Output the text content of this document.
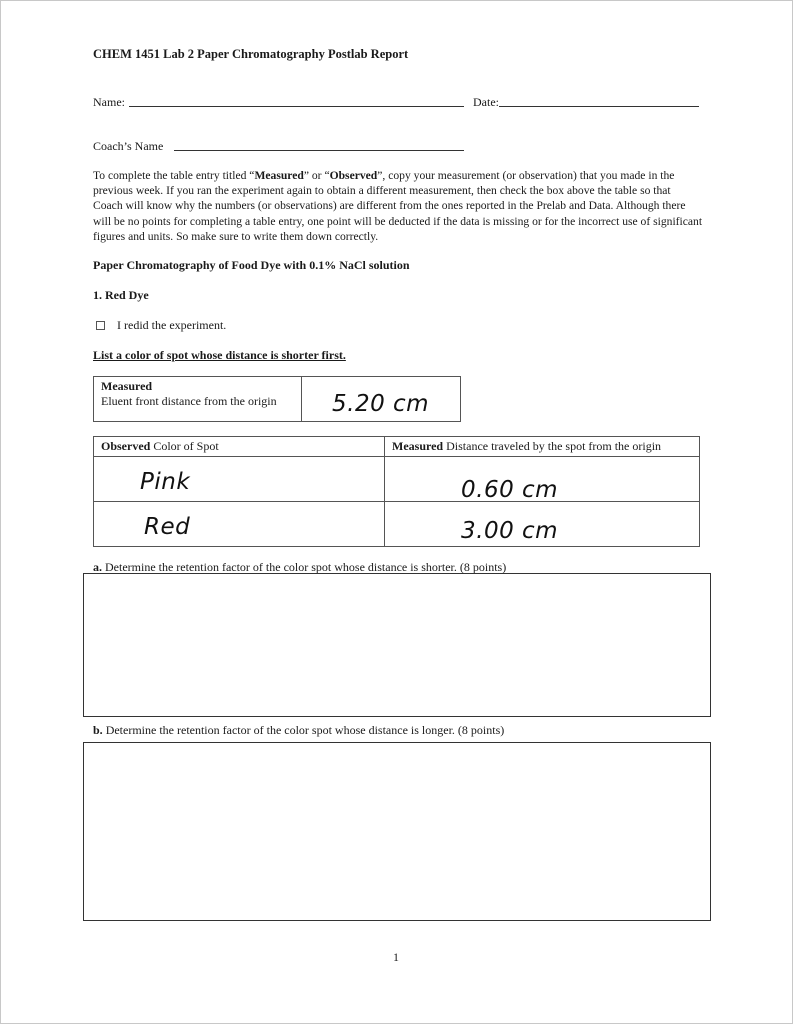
CHEM 1451 Lab 2 Paper Chromatography Postlab Report
Name:	Date:
Coach’s Name
To complete the table entry titled “Measured” or “Observed”, copy your measurement (or observation) that you made in the previous week. If you ran the experiment again to obtain a different measurement, then check the box above the table so that Coach will know why the numbers (or observations) are different from the ones reported in the Prelab and Data. Although there will be no points for completing a table entry, one point will be deducted if the data is missing or for the incorrect use of significant figures and units. So make sure to write them down correctly.
Paper Chromatography of Food Dye with 0.1% NaCl solution
1. Red Dye
I redid the experiment.
List a color of spot whose distance is shorter first.
Measured
Eluent front distance from the origin	5.20 cm
Observed Color of Spot	Measured Distance traveled by the spot from the origin

Pink	0.60 cm

Red	3.00 cm
a. Determine the retention factor of the color spot whose distance is shorter. (8 points)
b. Determine the retention factor of the color spot whose distance is longer. (8 points)
1
